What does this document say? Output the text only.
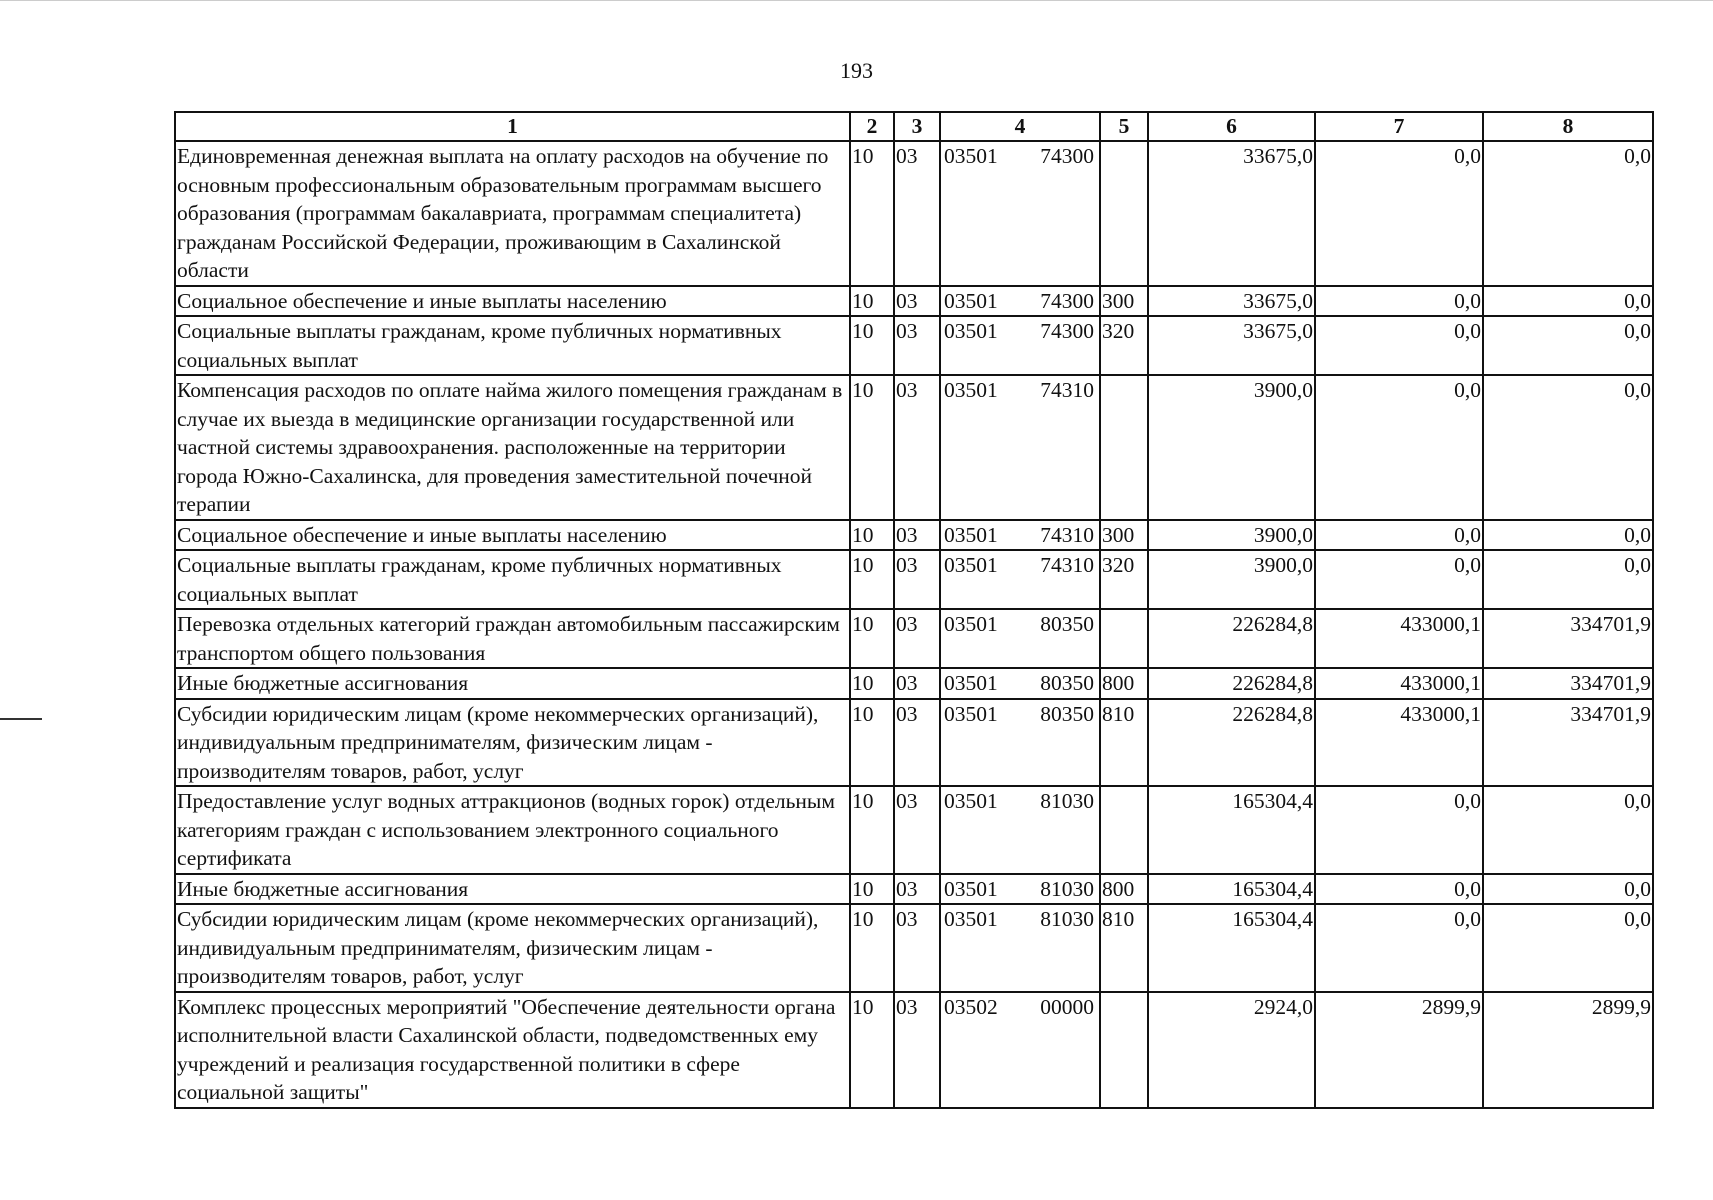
193
1	2	3	4	5	6	7	8
Единовременная денежная выплата на оплату расходов на обучение по основным профессиональным образовательным программам высшего образования (программам бакалавриата, программам специалитета) гражданам Российской Федерации, проживающим в Сахалинской области	10	03	03501 74300		33675,0	0,0	0,0
Социальное обеспечение и иные выплаты населению	10	03	03501 74300	300	33675,0	0,0	0,0
Социальные выплаты гражданам, кроме публичных нормативных социальных выплат	10	03	03501 74300	320	33675,0	0,0	0,0
Компенсация расходов по оплате найма жилого помещения гражданам в случае их выезда в медицинские организации государственной или частной системы здравоохранения. расположенные на территории города Южно-Сахалинска, для проведения заместительной почечной терапии	10	03	03501 74310		3900,0	0,0	0,0
Социальное обеспечение и иные выплаты населению	10	03	03501 74310	300	3900,0	0,0	0,0
Социальные выплаты гражданам, кроме публичных нормативных социальных выплат	10	03	03501 74310	320	3900,0	0,0	0,0
Перевозка отдельных категорий граждан автомобильным пассажирским транспортом общего пользования	10	03	03501 80350		226284,8	433000,1	334701,9
Иные бюджетные ассигнования	10	03	03501 80350	800	226284,8	433000,1	334701,9
Субсидии юридическим лицам (кроме некоммерческих организаций), индивидуальным предпринимателям, физическим лицам - производителям товаров, работ, услуг	10	03	03501 80350	810	226284,8	433000,1	334701,9
Предоставление услуг водных аттракционов (водных горок) отдельным категориям граждан с использованием электронного социального сертификата	10	03	03501 81030		165304,4	0,0	0,0
Иные бюджетные ассигнования	10	03	03501 81030	800	165304,4	0,0	0,0
Субсидии юридическим лицам (кроме некоммерческих организаций), индивидуальным предпринимателям, физическим лицам - производителям товаров, работ, услуг	10	03	03501 81030	810	165304,4	0,0	0,0
Комплекс процессных мероприятий "Обеспечение деятельности органа исполнительной власти Сахалинской области, подведомственных ему учреждений и реализация государственной политики в сфере социальной защиты"	10	03	03502 00000		2924,0	2899,9	2899,9
